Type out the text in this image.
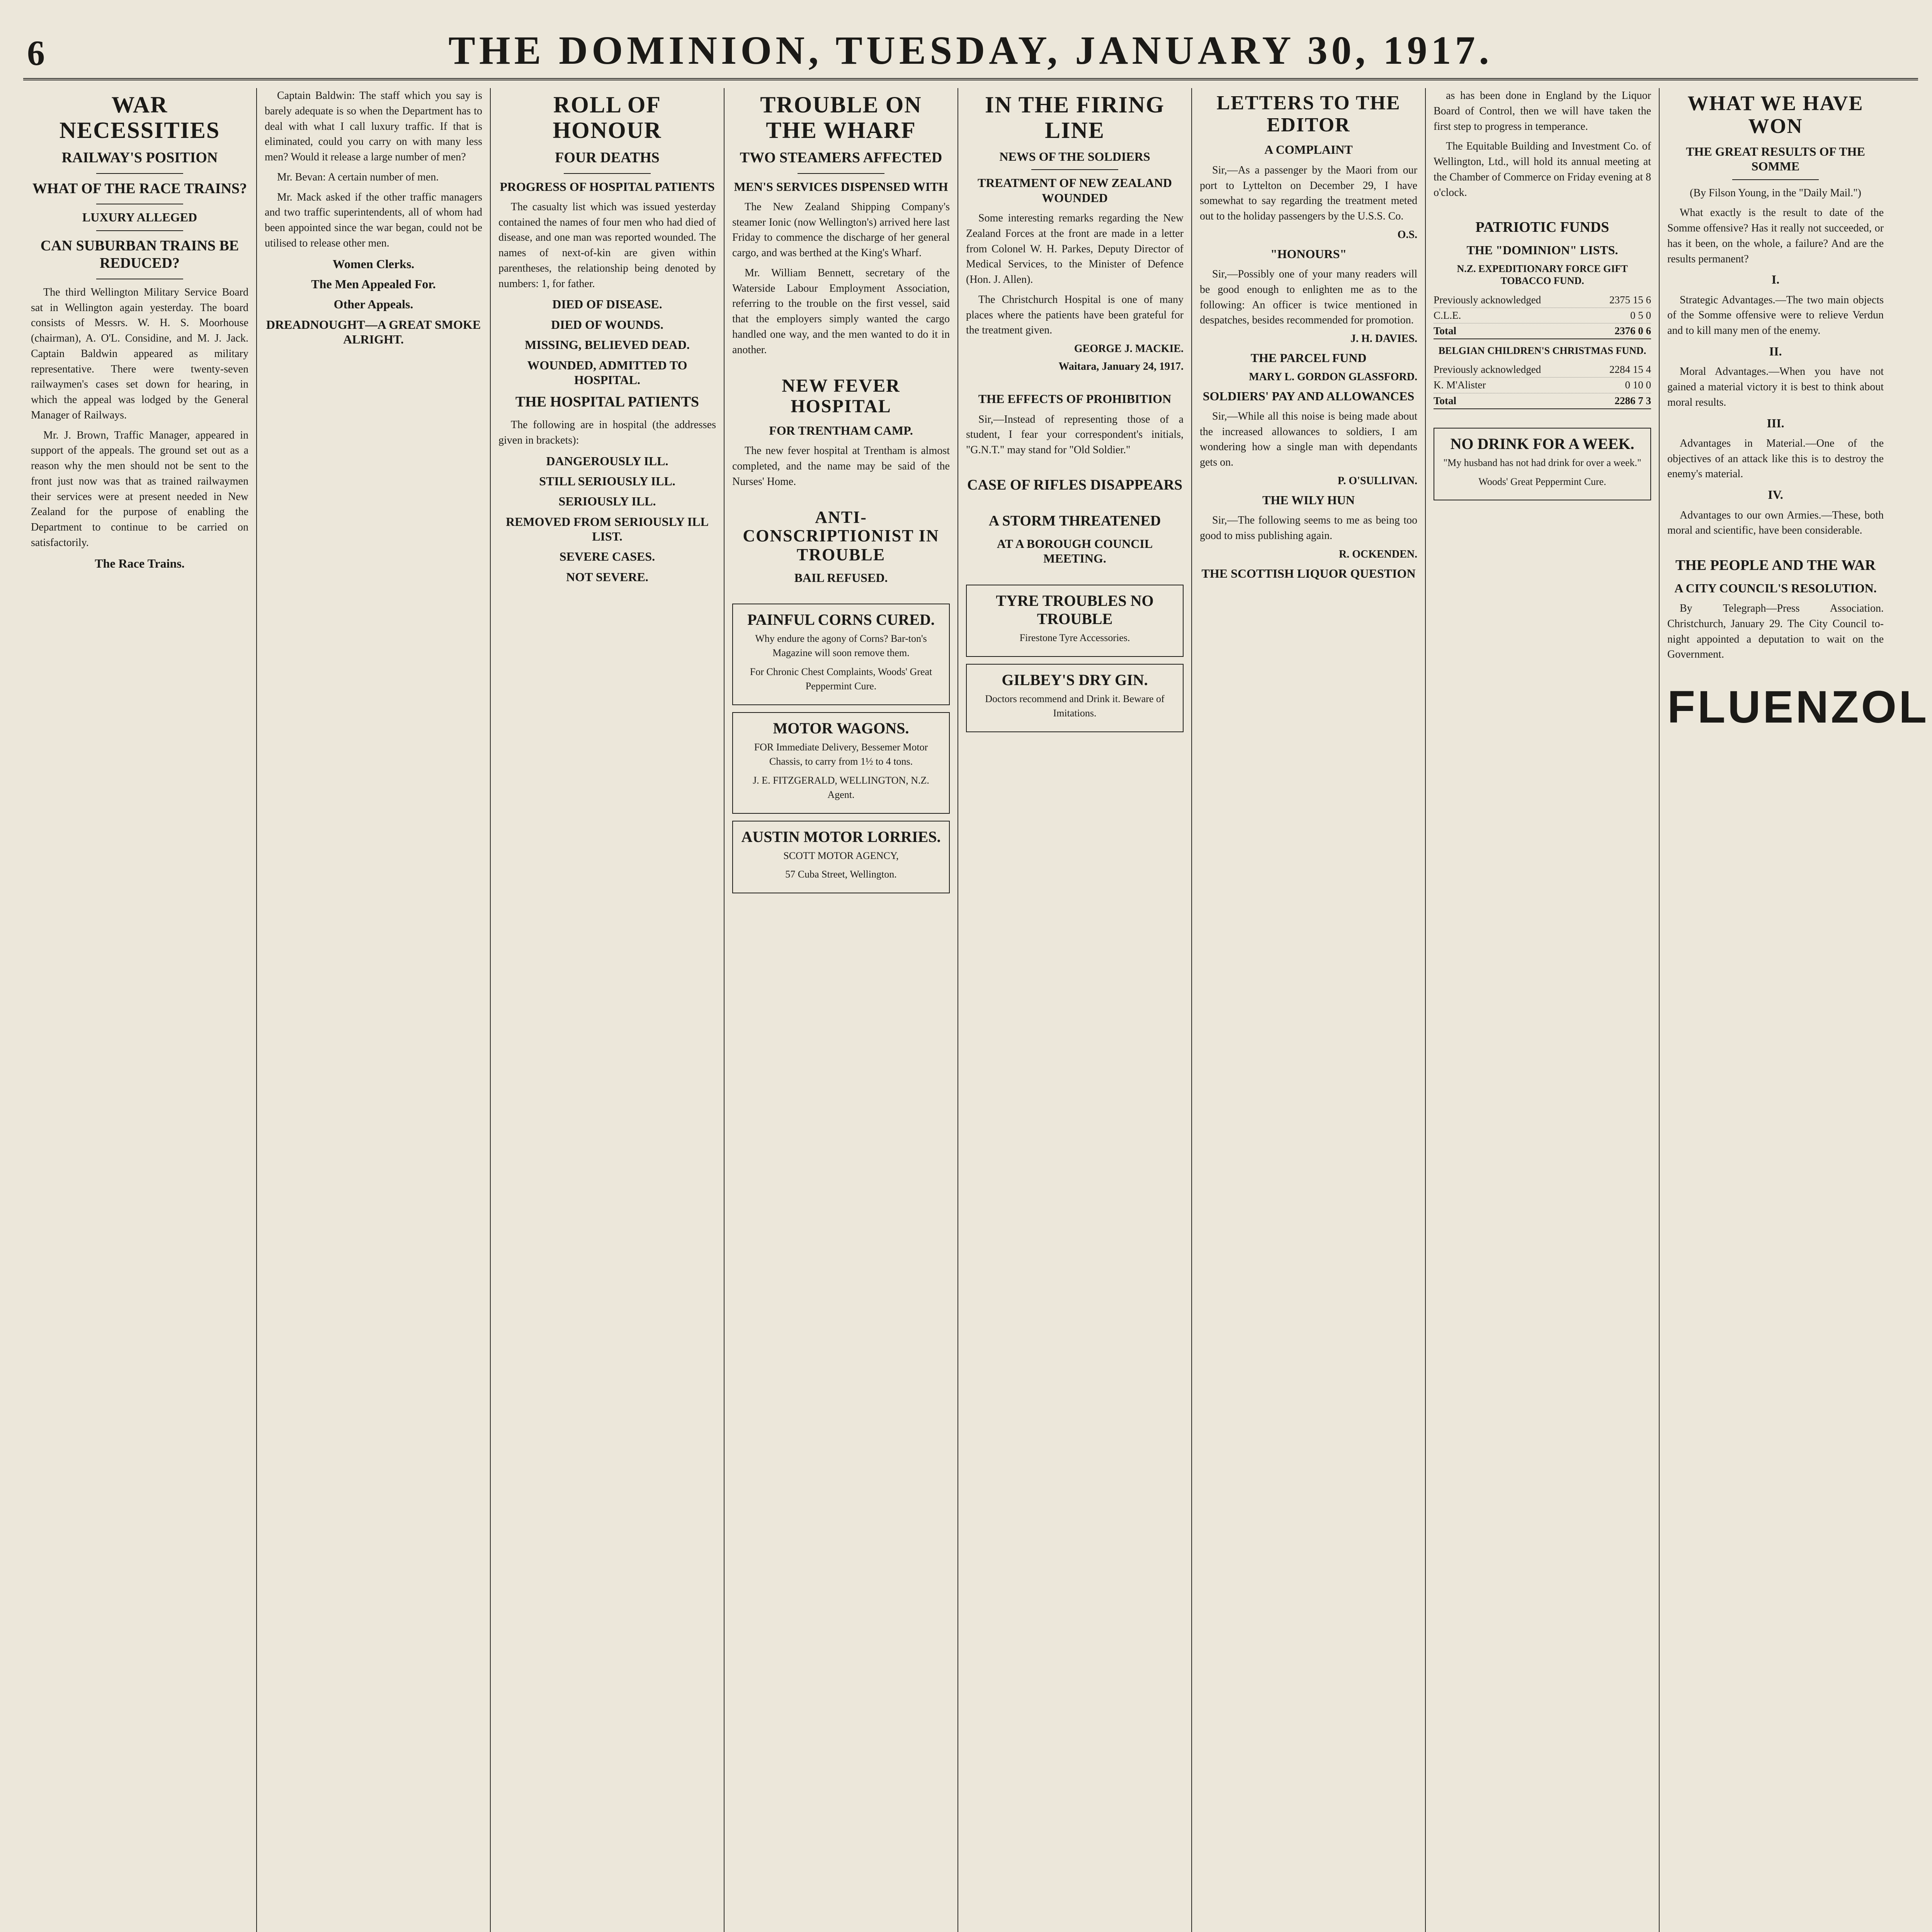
6	THE DOMINION, TUESDAY, JANUARY 30, 1917.
WAR NECESSITIES
RAILWAY'S POSITION
WHAT OF THE RACE TRAINS?
LUXURY ALLEGED
CAN SUBURBAN TRAINS BE REDUCED?

The third Wellington Military Service Board sat in Wellington again yesterday. The board consists of Messrs. W. H. S. Moorhouse (chairman), A. O'L. Considine, and M. J. Jack. Captain Baldwin appeared as military representative. There were twenty-seven railwaymen's cases set down for hearing, in which the appeal was lodged by the General Manager of Railways.

Mr. J. Brown, Traffic Manager, appeared in support of the appeals. The ground set out as a reason why the men should not be sent to the front just now was that as trained railwaymen their services were at present needed in New Zealand for the purpose of enabling the Department to continue to be carried on satisfactorily.

The Race Trains.

Captain Baldwin: The staff which you say is barely adequate is so when the Department has to deal with what I call luxury traffic. If that is eliminated, could you carry on with many less men? Would it release a large number of men?

Mr. Bevan: A certain number of men.

Mr. Mack asked if the other traffic managers and two traffic superintendents, all of whom had been appointed since the war began, could not be utilised to release other men.

Women Clerks.
The Men Appealed For.
Other Appeals.
DREADNOUGHT—A GREAT SMOKE ALRIGHT.
ROLL OF HONOUR
FOUR DEATHS
PROGRESS OF HOSPITAL PATIENTS

The casualty list which was issued yesterday contained the names of four men who had died of disease, and one man was reported wounded. The names of next-of-kin are given within parentheses, the relationship being denoted by numbers: 1, for father.

DIED OF DISEASE.
DIED OF WOUNDS.
MISSING, BELIEVED DEAD.
WOUNDED, ADMITTED TO HOSPITAL.
THE HOSPITAL PATIENTS

The following are in hospital (the addresses given in brackets):

DANGEROUSLY ILL.
STILL SERIOUSLY ILL.
SERIOUSLY ILL.
REMOVED FROM SERIOUSLY ILL LIST.
SEVERE CASES.
NOT SEVERE.
TROUBLE ON THE WHARF
TWO STEAMERS AFFECTED
MEN'S SERVICES DISPENSED WITH

The New Zealand Shipping Company's steamer Ionic (now Wellington's) arrived here last Friday to commence the discharge of her general cargo, and was berthed at the King's Wharf.

Mr. William Bennett, secretary of the Waterside Labour Employment Association, referring to the trouble on the first vessel, said that the employers simply wanted the cargo handled one way, and the men wanted to do it in another.

NEW FEVER HOSPITAL
FOR TRENTHAM CAMP.

The new fever hospital at Trentham is almost completed, and the name may be said of the Nurses' Home.

ANTI-CONSCRIPTIONIST IN TROUBLE
BAIL REFUSED.
PAINFUL CORNS CURED.

Why endure the agony of Corns? Bar-ton's Magazine will soon remove them.

For Chronic Chest Complaints, Woods' Great Peppermint Cure.

MOTOR WAGONS.

FOR Immediate Delivery, Bessemer Motor Chassis, to carry from 1½ to 4 tons.

J. E. FITZGERALD, WELLINGTON, N.Z. Agent.

AUSTIN MOTOR LORRIES.

SCOTT MOTOR AGENCY,

57 Cuba Street, Wellington.

IN THE FIRING LINE
NEWS OF THE SOLDIERS
TREATMENT OF NEW ZEALAND WOUNDED

Some interesting remarks regarding the New Zealand Forces at the front are made in a letter from Colonel W. H. Parkes, Deputy Director of Medical Services, to the Minister of Defence (Hon. J. Allen).

The Christchurch Hospital is one of many places where the patients have been grateful for the treatment given.

GEORGE J. MACKIE.
Waitara, January 24, 1917.
THE EFFECTS OF PROHIBITION

Sir,—Instead of representing those of a student, I fear your correspondent's initials, "G.N.T." may stand for "Old Soldier."

CASE OF RIFLES DISAPPEARS
A STORM THREATENED
AT A BOROUGH COUNCIL MEETING.
TYRE TROUBLES NO TROUBLE

Firestone Tyre Accessories.

GILBEY'S DRY GIN.

Doctors recommend and Drink it. Beware of Imitations.

LETTERS TO THE EDITOR
A COMPLAINT

Sir,—As a passenger by the Maori from our port to Lyttelton on December 29, I have somewhat to say regarding the treatment meted out to the holiday passengers by the U.S.S. Co.

O.S.
"HONOURS"

Sir,—Possibly one of your many readers will be good enough to enlighten me as to the following: An officer is twice mentioned in despatches, besides recommended for promotion.

J. H. DAVIES.
THE PARCEL FUND
MARY L. GORDON GLASSFORD.
SOLDIERS' PAY AND ALLOWANCES

Sir,—While all this noise is being made about the increased allowances to soldiers, I am wondering how a single man with dependants gets on.

P. O'SULLIVAN.
THE WILY HUN

Sir,—The following seems to me as being too good to miss publishing again.

R. OCKENDEN.
THE SCOTTISH LIQUOR QUESTION

as has been done in England by the Liquor Board of Control, then we will have taken the first step to progress in temperance.

The Equitable Building and Investment Co. of Wellington, Ltd., will hold its annual meeting at the Chamber of Commerce on Friday evening at 8 o'clock.

PATRIOTIC FUNDS
THE "DOMINION" LISTS.
N.Z. EXPEDITIONARY FORCE GIFT TOBACCO FUND.
Previously acknowledged	2375 15 6
C.L.E.	0 5 0
Total	2376 0 6
BELGIAN CHILDREN'S CHRISTMAS FUND.
Previously acknowledged	2284 15 4
K. M'Alister	0 10 0
Total	2286 7 3
NO DRINK FOR A WEEK.

"My husband has not had drink for over a week."

Woods' Great Peppermint Cure.

WHAT WE HAVE WON
THE GREAT RESULTS OF THE SOMME

(By Filson Young, in the "Daily Mail.")

What exactly is the result to date of the Somme offensive? Has it really not succeeded, or has it been, on the whole, a failure? And are the results permanent?

I.

Strategic Advantages.—The two main objects of the Somme offensive were to relieve Verdun and to kill many men of the enemy.

II.

Moral Advantages.—When you have not gained a material victory it is best to think about moral results.

III.

Advantages in Material.—One of the objectives of an attack like this is to destroy the enemy's material.

IV.

Advantages to our own Armies.—These, both moral and scientific, have been considerable.

THE PEOPLE AND THE WAR
A CITY COUNCIL'S RESOLUTION.

By Telegraph—Press Association. Christchurch, January 29. The City Council to-night appointed a deputation to wait on the Government.

FLUENZOL
